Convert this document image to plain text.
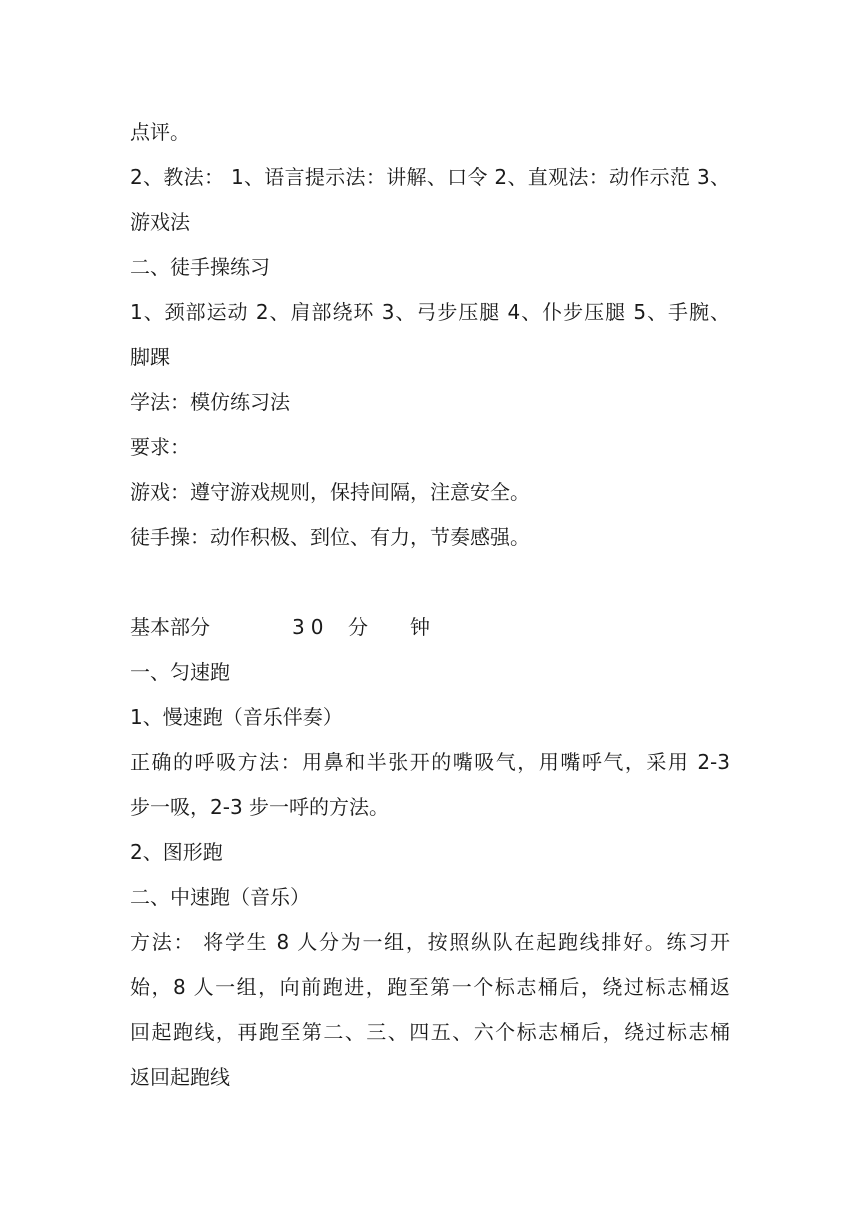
点评。
2、教法： 1、语言提示法：讲解、口令 2、直观法：动作示范 3、
游戏法
二、徒手操练习
1、颈部运动 2、肩部绕环 3、弓步压腿 4、仆步压腿 5、手腕、
脚踝
学法：模仿练习法
要求：
游戏：遵守游戏规则，保持间隔，注意安全。
徒手操：动作积极、到位、有力，节奏感强。
基本部分	30 分	钟
一、匀速跑
1、慢速跑（音乐伴奏）
正确的呼吸方法：用鼻和半张开的嘴吸气，用嘴呼气，采用 2-3
步一吸，2-3 步一呼的方法。
2、图形跑
二、中速跑（音乐）
方法： 将学生 8 人分为一组，按照纵队在起跑线排好。练习开
始，8 人一组，向前跑进，跑至第一个标志桶后，绕过标志桶返
回起跑线，再跑至第二、三、四五、六个标志桶后，绕过标志桶
返回起跑线
